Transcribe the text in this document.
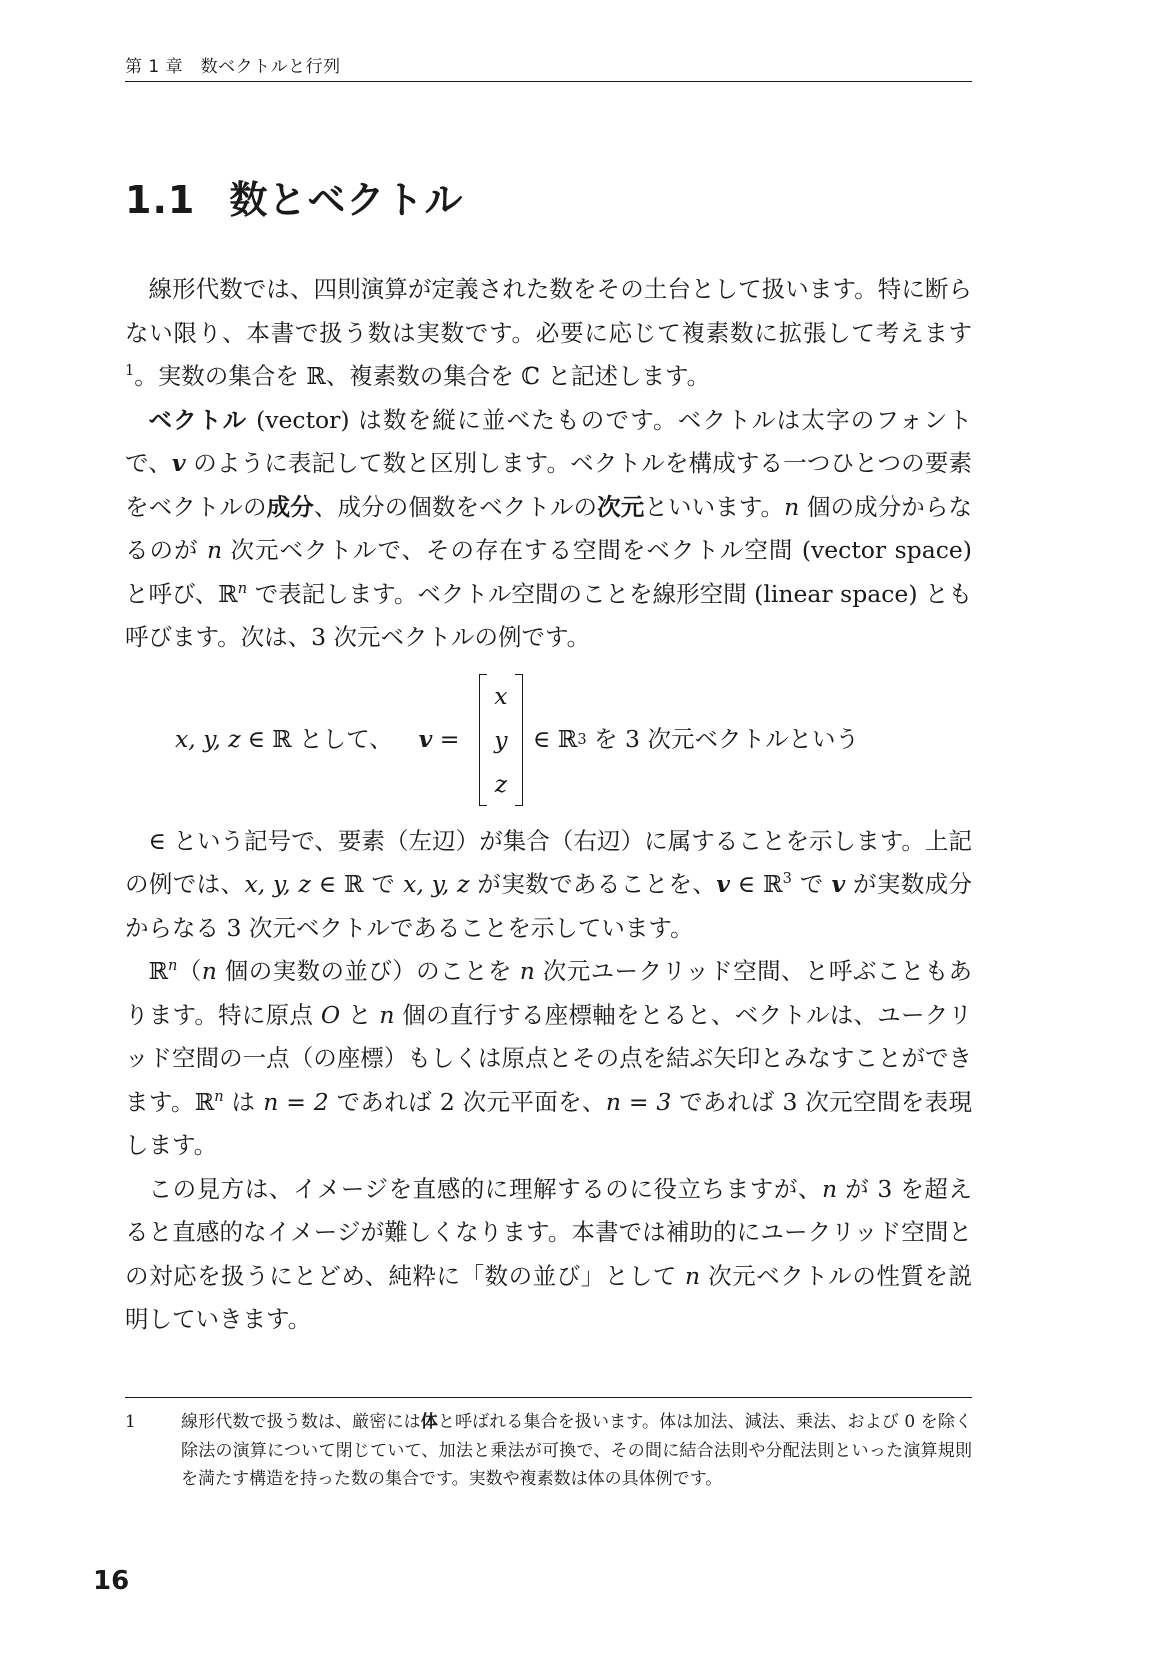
第 1 章　数ベクトルと行列
1.1 数とベクトル

線形代数では、四則演算が定義された数をその土台として扱います。特に断らない限り、本書で扱う数は実数です。必要に応じて複素数に拡張して考えます$^1$。実数の集合を ℝ、複素数の集合を ℂ と記述します。

ベクトル (vector) は数を縦に並べたものです。ベクトルは太字のフォントで、v のように表記して数と区別します。ベクトルを構成する一つひとつの要素をベクトルの成分、成分の個数をベクトルの次元といいます。n 個の成分からなるのが n 次元ベクトルで、その存在する空間をベクトル空間 (vector space) と呼び、ℝ$^n$ で表記します。ベクトル空間のことを線形空間 (linear space) とも呼びます。次は、3 次元ベクトルの例です。

x, y, z ∈ ℝ として、 v =
x
y
z
∈ ℝ 3 を 3 次元ベクトルという

∈ という記号で、要素（左辺）が集合（右辺）に属することを示します。上記の例では、x, y, z ∈ ℝ で x, y, z が実数であることを、v ∈ ℝ$^3$ で v が実数成分からなる 3 次元ベクトルであることを示しています。

ℝ$^n$（n 個の実数の並び）のことを n 次元ユークリッド空間、と呼ぶこともあります。特に原点 O と n 個の直行する座標軸をとると、ベクトルは、ユークリッド空間の一点（の座標）もしくは原点とその点を結ぶ矢印とみなすことができます。ℝ$^n$ は n = 2 であれば 2 次元平面を、n = 3 であれば 3 次元空間を表現します。

この見方は、イメージを直感的に理解するのに役立ちますが、n が 3 を超えると直感的なイメージが難しくなります。本書では補助的にユークリッド空間との対応を扱うにとどめ、純粋に「数の並び」として n 次元ベクトルの性質を説明していきます。

1	線形代数で扱う数は、厳密には体と呼ばれる集合を扱います。体は加法、減法、乗法、および 0 を除く除法の演算について閉じていて、加法と乗法が可換で、その間に結合法則や分配法則といった演算規則を満たす構造を持った数の集合です。実数や複素数は体の具体例です。
16
